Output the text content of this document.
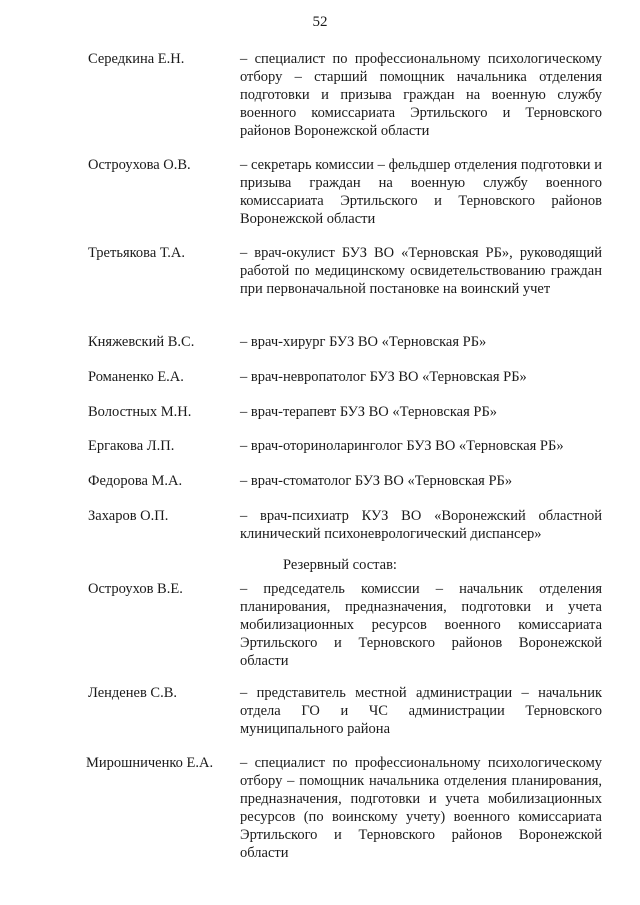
52
Середкина Е.Н.	– специалист по профессиональному психологическому отбору – старший помощник начальника отделения подготовки и призыва граждан на военную службу военного комиссариата Эртильского и Терновского районов Воронежской области
Остроухова О.В.	– секретарь комиссии – фельдшер отделения подготовки и призыва граждан на военную службу военного комиссариата Эртильского и Терновского районов Воронежской области
Третьякова Т.А.	– врач-окулист БУЗ ВО «Терновская РБ», руководящий работой по медицинскому освидетельствованию граждан при первоначальной постановке на воинский учет
Княжевский В.С.	– врач-хирург БУЗ ВО «Терновская РБ»
Романенко Е.А.	– врач-невропатолог БУЗ ВО «Терновская РБ»
Волостных М.Н.	– врач-терапевт БУЗ ВО «Терновская РБ»
Ергакова Л.П.	– врач-оториноларинголог БУЗ ВО «Терновская РБ»
Федорова М.А.	– врач-стоматолог БУЗ ВО «Терновская РБ»
Захаров О.П.	– врач-психиатр КУЗ ВО «Воронежский областной клинический психоневрологический диспансер»
Резервный состав:
Остроухов В.Е.	– председатель комиссии – начальник отделения планирования, предназначения, подготовки и учета мобилизационных ресурсов военного комиссариата Эртильского и Терновского районов Воронежской области
Ленденев С.В.	– представитель местной администрации – начальник отдела ГО и ЧС администрации Терновского муниципального района
Мирошниченко Е.А. – специалист по профессиональному психологическому отбору – помощник начальника отделения планирования, предназначения, подготовки и учета мобилизационных ресурсов (по воинскому учету) военного комиссариата Эртильского и Терновского районов Воронежской области
